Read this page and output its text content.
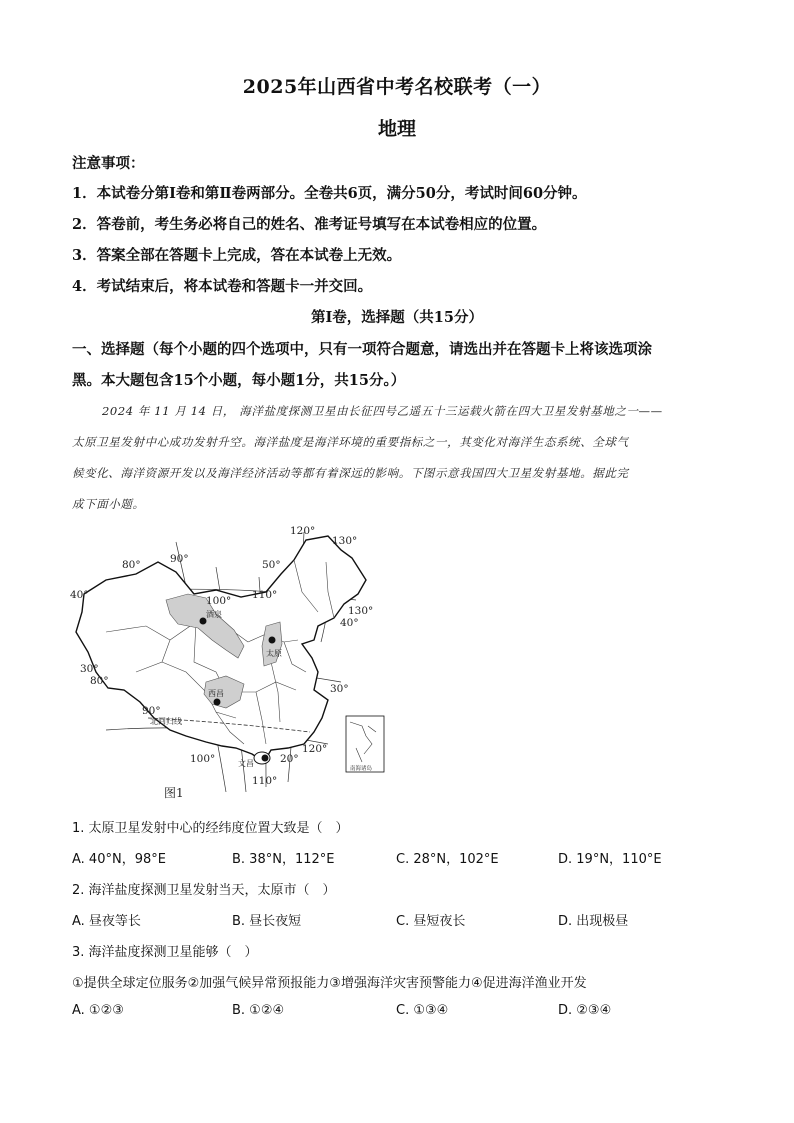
2025年山西省中考名校联考（一）
地理
注意事项：
1．本试卷分第Ⅰ卷和第Ⅱ卷两部分。全卷共6页，满分50分，考试时间60分钟。
2．答卷前，考生务必将自己的姓名、准考证号填写在本试卷相应的位置。
3．答案全部在答题卡上完成，答在本试卷上无效。
4．考试结束后，将本试卷和答题卡一并交回。
第Ⅰ卷，选择题（共15分）
一、选择题（每个小题的四个选项中，只有一项符合题意，请选出并在答题卡上将该选项涂
黑。本大题包含15个小题，每小题1分，共15分。）
2024 年 11 月 14 日， 海洋盐度探测卫星由长征四号乙遥五十三运载火箭在四大卫星发射基地之一——
太原卫星发射中心成功发射升空。海洋盐度是海洋环境的重要指标之一，其变化对海洋生态系统、全球气
候变化、海洋资源开发以及海洋经济活动等都有着深远的影响。下图示意我国四大卫星发射基地。据此完
成下面小题。
120°
130°
80°	90°	50°
40°	100° 110°
130°
40°
30°
80°
30°
90°
100°
120°
20°
110°
酒泉
太原
西昌
文昌
北回归线
南海诸岛
图1
1. 太原卫星发射中心的经纬度位置大致是（　）
A. 40°N，98°E	B. 38°N，112°E	C. 28°N，102°E	D. 19°N，110°E
2. 海洋盐度探测卫星发射当天，太原市（　）
A. 昼夜等长	B. 昼长夜短	C. 昼短夜长	D. 出现极昼
3. 海洋盐度探测卫星能够（　）
①提供全球定位服务②加强气候异常预报能力③增强海洋灾害预警能力④促进海洋渔业开发
A. ①②③	B. ①②④	C. ①③④	D. ②③④
